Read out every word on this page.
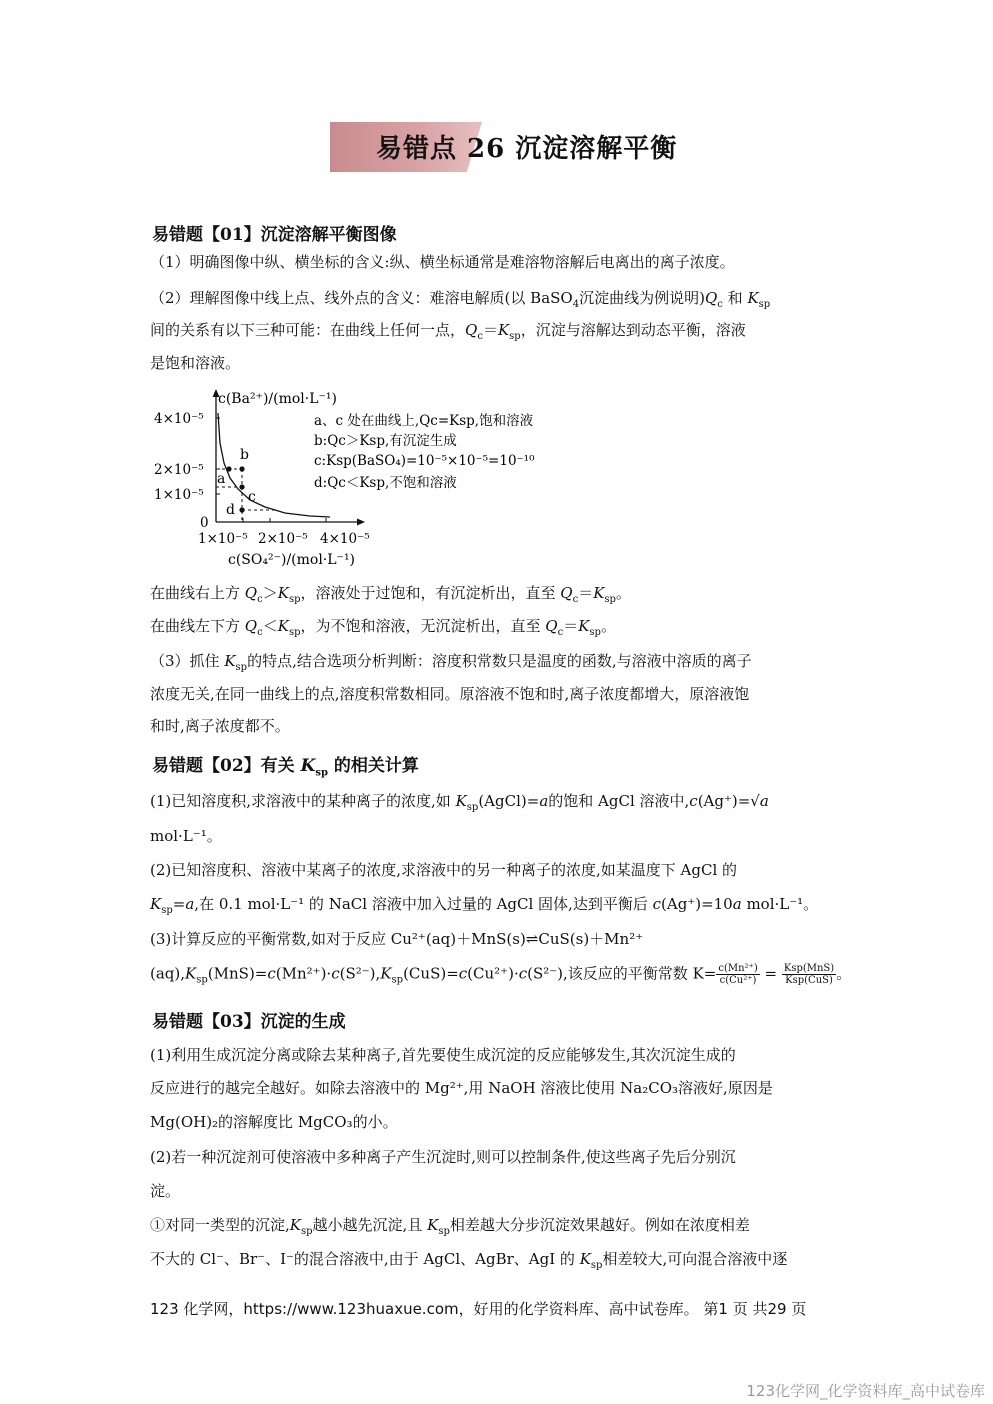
易错点 26 沉淀溶解平衡
易错题【01】沉淀溶解平衡图像
（1）明确图像中纵、横坐标的含义:纵、横坐标通常是难溶物溶解后电离出的离子浓度。
（2）理解图像中线上点、线外点的含义：难溶电解质(以 BaSO$_4$沉淀曲线为例说明)$Q_c$ 和 $K_{sp}$
间的关系有以下三种可能：在曲线上任何一点，$Q_c=K_{sp}$，沉淀与溶解达到动态平衡，溶液
是饱和溶液。
4×10⁻⁵
2×10⁻⁵
1×10⁻⁵
0
1×10⁻⁵ 2×10⁻⁵ 4×10⁻⁵
a
b
c
d
c(Ba²⁺)/(mol·L⁻¹)
c(SO₄²⁻)/(mol·L⁻¹)
a、c 处在曲线上,Qc=Ksp,饱和溶液
b:Qc＞Ksp,有沉淀生成
c:Ksp(BaSO₄)=10⁻⁵×10⁻⁵=10⁻¹⁰
d:Qc＜Ksp,不饱和溶液
在曲线右上方 $Q_c>K_{sp}$，溶液处于过饱和，有沉淀析出，直至 $Q_c=K_{sp}$。
在曲线左下方 $Q_c<K_{sp}$，为不饱和溶液，无沉淀析出，直至 $Q_c=K_{sp}$。
（3）抓住 $K_{sp}$的特点,结合选项分析判断：溶度积常数只是温度的函数,与溶液中溶质的离子
浓度无关,在同一曲线上的点,溶度积常数相同。原溶液不饱和时,离子浓度都增大，原溶液饱
和时,离子浓度都不。
易错题【02】有关 $K_{sp}$ 的相关计算
(1)已知溶度积,求溶液中的某种离子的浓度,如 $K_{sp}(AgCl)=a$的饱和 AgCl 溶液中,c(Ag⁺)=√a
mol·L⁻¹。
(2)已知溶度积、溶液中某离子的浓度,求溶液中的另一种离子的浓度,如某温度下 AgCl 的
$K_{sp}=a$,在 0.1 mol·L⁻¹ 的 NaCl 溶液中加入过量的 AgCl 固体,达到平衡后 c(Ag⁺)=10a mol·L⁻¹。
(3)计算反应的平衡常数,如对于反应 Cu²⁺(aq)＋MnS(s)⇌CuS(s)＋Mn²⁺
$(aq),K_{sp}(MnS)=c(Mn^{2+})\cdot c(S^{2-}),K_{sp}(CuS)=c(Cu^{2+})\cdot c(S^{2-})$,该反应的平衡常数 $K= \frac{\text{c(Mn²⁺)}}{\text{c(Cu²⁺)}} = \frac{\text{Ksp(MnS)}}{\text{Ksp(CuS)}}$ 。
易错题【03】沉淀的生成
(1)利用生成沉淀分离或除去某种离子,首先要使生成沉淀的反应能够发生,其次沉淀生成的
反应进行的越完全越好。如除去溶液中的 Mg²⁺,用 NaOH 溶液比使用 Na₂CO₃溶液好,原因是
Mg(OH)₂的溶解度比 MgCO₃的小。
(2)若一种沉淀剂可使溶液中多种离子产生沉淀时,则可以控制条件,使这些离子先后分别沉
淀。
①对同一类型的沉淀$,K_{sp}$越小越先沉淀,且 $K_{sp}$相差越大分步沉淀效果越好。例如在浓度相差
不大的 Cl⁻、Br⁻、I⁻的混合溶液中,由于 AgCl、AgBr、AgI 的 $K_{sp}$相差较大,可向混合溶液中逐
123 化学网，https://www.123huaxue.com，好用的化学资料库、高中试卷库。 第1 页 共29 页
123化学网_化学资料库_高中试卷库
